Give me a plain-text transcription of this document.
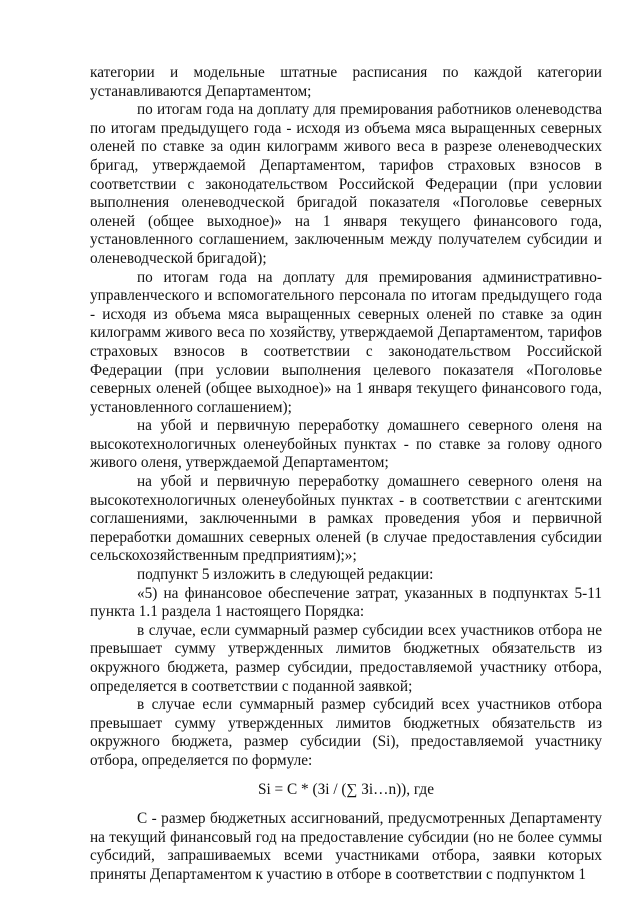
категории и модельные штатные расписания по каждой категории устанавливаются Департаментом;

по итогам года на доплату для премирования работников оленеводства по итогам предыдущего года - исходя из объема мяса выращенных северных оленей по ставке за один килограмм живого веса в разрезе оленеводческих бригад, утверждаемой Департаментом, тарифов страховых взносов в соответствии с законодательством Российской Федерации (при условии выполнения оленеводческой бригадой показателя «Поголовье северных оленей (общее выходное)» на 1 января текущего финансового года, установленного соглашением, заключенным между получателем субсидии и оленеводческой бригадой);

по итогам года на доплату для премирования административно-управленческого и вспомогательного персонала по итогам предыдущего года - исходя из объема мяса выращенных северных оленей по ставке за один килограмм живого веса по хозяйству, утверждаемой Департаментом, тарифов страховых взносов в соответствии с законодательством Российской Федерации (при условии выполнения целевого показателя «Поголовье северных оленей (общее выходное)» на 1 января текущего финансового года, установленного соглашением);

на убой и первичную переработку домашнего северного оленя на высокотехнологичных оленеубойных пунктах - по ставке за голову одного живого оленя, утверждаемой Департаментом;

на убой и первичную переработку домашнего северного оленя на высокотехнологичных оленеубойных пунктах - в соответствии с агентскими соглашениями, заключенными в рамках проведения убоя и первичной переработки домашних северных оленей (в случае предоставления субсидии сельскохозяйственным предприятиям);»;

подпункт 5 изложить в следующей редакции:

«5) на финансовое обеспечение затрат, указанных в подпунктах 5-11 пункта 1.1 раздела 1 настоящего Порядка:

в случае, если суммарный размер субсидии всех участников отбора не превышает сумму утвержденных лимитов бюджетных обязательств из окружного бюджета, размер субсидии, предоставляемой участнику отбора, определяется в соответствии с поданной заявкой;

в случае если суммарный размер субсидий всех участников отбора превышает сумму утвержденных лимитов бюджетных обязательств из окружного бюджета, размер субсидии (Si), предоставляемой участнику отбора, определяется по формуле:

Si = C * (Зi / (∑ Зi…n)), где

С - размер бюджетных ассигнований, предусмотренных Департаменту на текущий финансовый год на предоставление субсидии (но не более суммы субсидий, запрашиваемых всеми участниками отбора, заявки которых приняты Департаментом к участию в отборе в соответствии с подпунктом 1
